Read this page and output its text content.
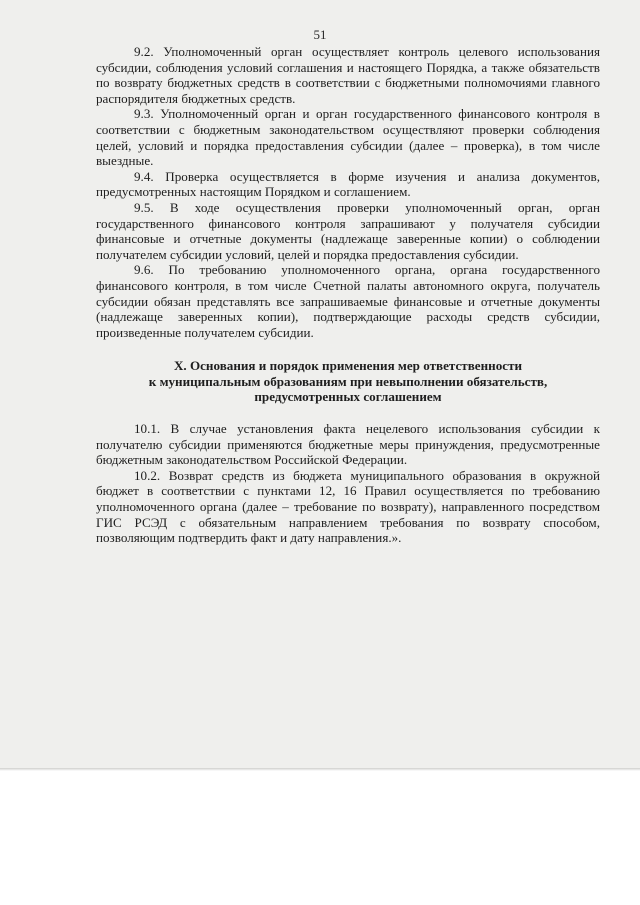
51

9.2. Уполномоченный орган осуществляет контроль целевого использования субсидии, соблюдения условий соглашения и настоящего Порядка, а также обязательств по возврату бюджетных средств в соответствии с бюджетными полномочиями главного распорядителя бюджетных средств.

9.3. Уполномоченный орган и орган государственного финансового контроля в соответствии с бюджетным законодательством осуществляют проверки соблюдения целей, условий и порядка предоставления субсидии (далее – проверка), в том числе выездные.

9.4. Проверка осуществляется в форме изучения и анализа документов, предусмотренных настоящим Порядком и соглашением.

9.5. В ходе осуществления проверки уполномоченный орган, орган государственного финансового контроля запрашивают у получателя субсидии финансовые и отчетные документы (надлежаще заверенные копии) о соблюдении получателем субсидии условий, целей и порядка предоставления субсидии.

9.6. По требованию уполномоченного органа, органа государственного финансового контроля, в том числе Счетной палаты автономного округа, получатель субсидии обязан представлять все запрашиваемые финансовые и отчетные документы (надлежаще заверенных копии), подтверждающие расходы средств субсидии, произведенные получателем субсидии.

X. Основания и порядок применения мер ответственности
к муниципальным образованиям при невыполнении обязательств,
предусмотренных соглашением

10.1. В случае установления факта нецелевого использования субсидии к получателю субсидии применяются бюджетные меры принуждения, предусмотренные бюджетным законодательством Российской Федерации.

10.2. Возврат средств из бюджета муниципального образования в окружной бюджет в соответствии с пунктами 12, 16 Правил осуществляется по требованию уполномоченного органа (далее – требование по возврату), направленного посредством ГИС РСЭД с обязательным направлением требования по возврату способом, позволяющим подтвердить факт и дату направления.».
